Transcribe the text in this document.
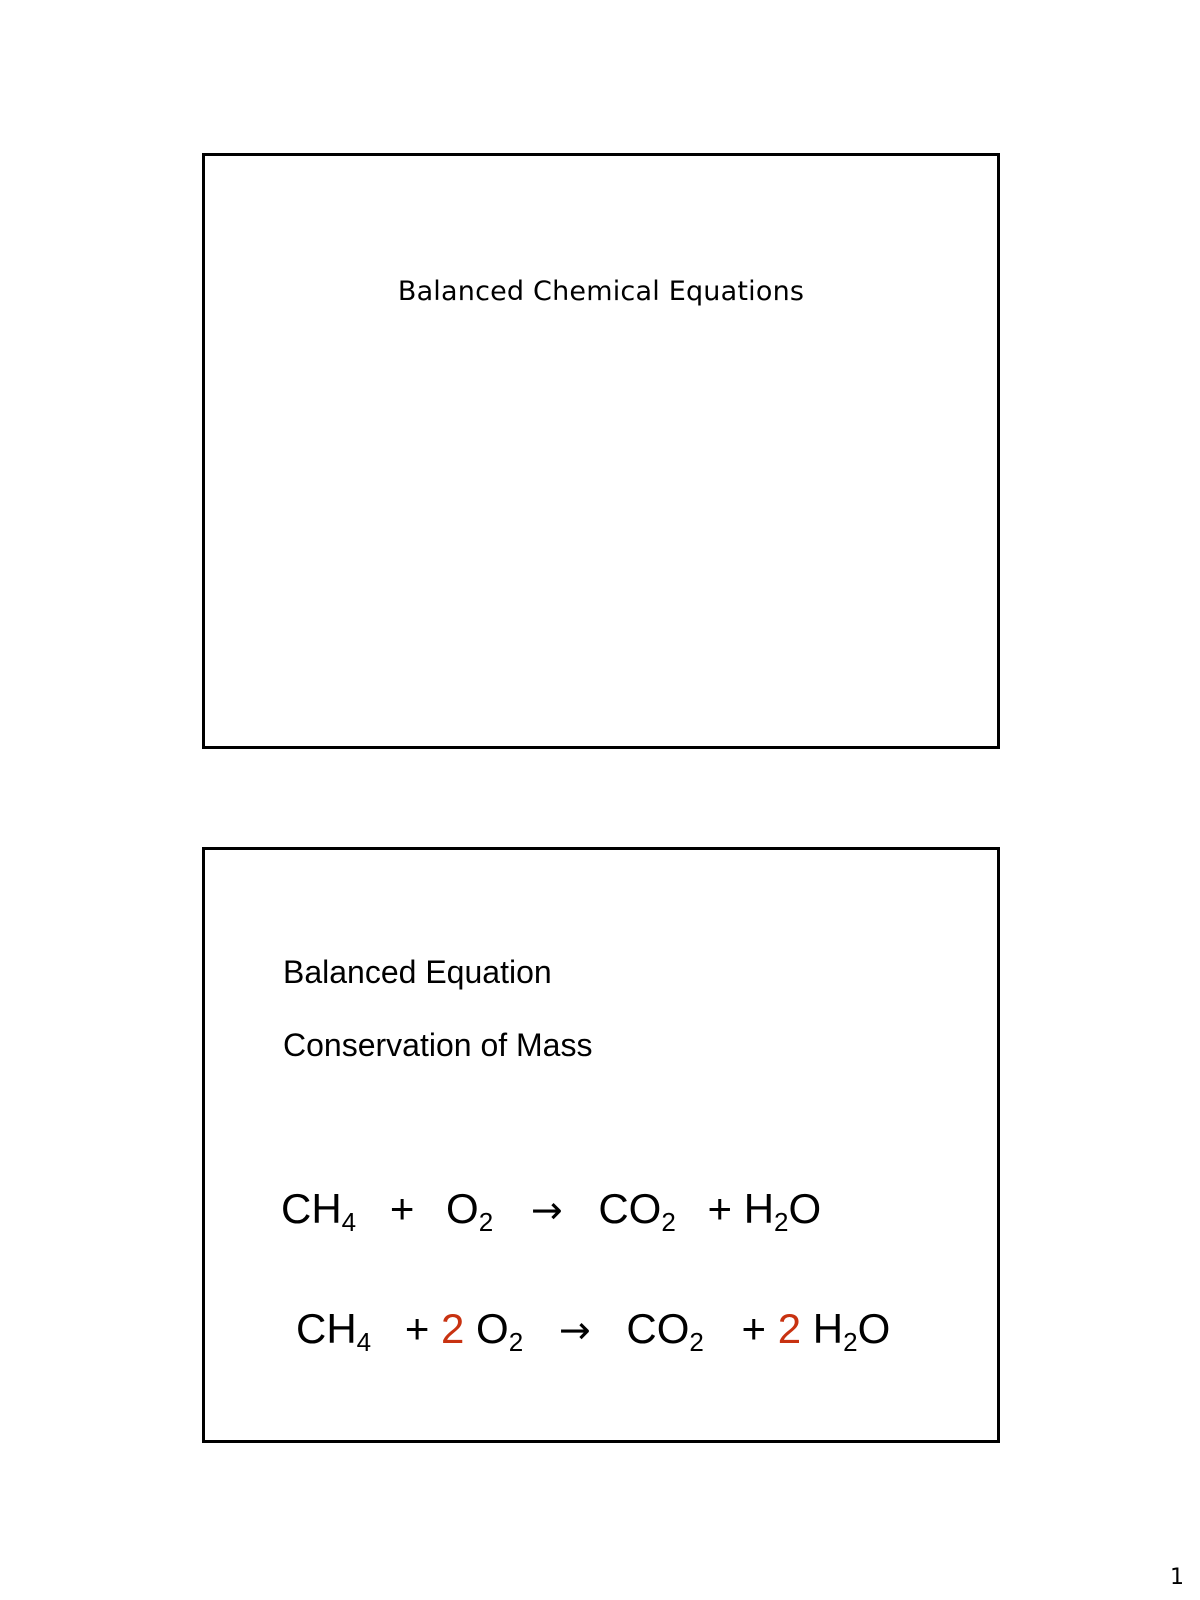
Balanced Chemical Equations
Balanced Equation
Conservation of Mass
$CH_4 + O_2 \to CO_2 + H_2O$
$CH_4 + 2$ $O_2 \to CO_2 + 2$ $H_2O$
1
